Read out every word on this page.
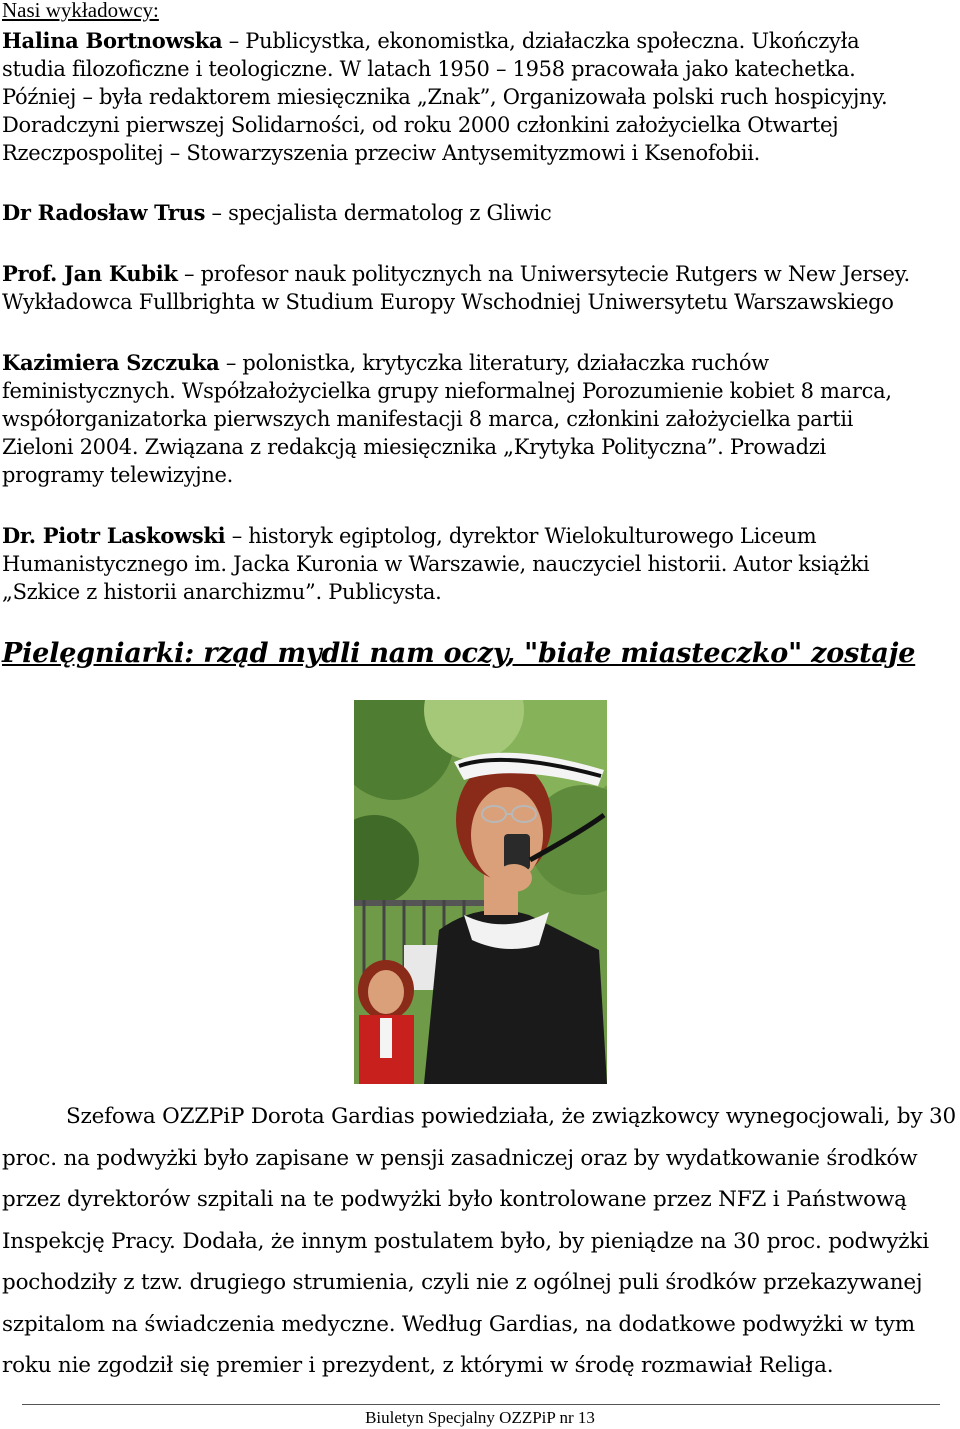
Nasi wykładowcy:
Halina Bortnowska – Publicystka, ekonomistka, działaczka społeczna. Ukończyła
studia filozoficzne i teologiczne. W latach 1950 – 1958 pracowała jako katechetka.
Później – była redaktorem miesięcznika „Znak”, Organizowała polski ruch hospicyjny.
Doradczyni pierwszej Solidarności, od roku 2000 członkini założycielka Otwartej
Rzeczpospolitej – Stowarzyszenia przeciw Antysemityzmowi i Ksenofobii.
Dr Radosław Trus – specjalista dermatolog z Gliwic
Prof. Jan Kubik – profesor nauk politycznych na Uniwersytecie Rutgers w New Jersey.
Wykładowca Fullbrighta w Studium Europy Wschodniej Uniwersytetu Warszawskiego
Kazimiera Szczuka – polonistka, krytyczka literatury, działaczka ruchów
feministycznych. Współzałożycielka grupy nieformalnej Porozumienie kobiet 8 marca,
współorganizatorka pierwszych manifestacji 8 marca, członkini założycielka partii
Zieloni 2004. Związana z redakcją miesięcznika „Krytyka Polityczna”. Prowadzi
programy telewizyjne.
Dr. Piotr Laskowski – historyk egiptolog, dyrektor Wielokulturowego Liceum
Humanistycznego im. Jacka Kuronia w Warszawie, nauczyciel historii. Autor książki
„Szkice z historii anarchizmu”. Publicysta.
Pielęgniarki: rząd mydli nam oczy, "białe miasteczko" zostaje
Szefowa OZZPiP Dorota Gardias powiedziała, że związkowcy wynegocjowali, by 30
proc. na podwyżki było zapisane w pensji zasadniczej oraz by wydatkowanie środków
przez dyrektorów szpitali na te podwyżki było kontrolowane przez NFZ i Państwową
Inspekcję Pracy. Dodała, że innym postulatem było, by pieniądze na 30 proc. podwyżki
pochodziły z tzw. drugiego strumienia, czyli nie z ogólnej puli środków przekazywanej
szpitalom na świadczenia medyczne. Według Gardias, na dodatkowe podwyżki w tym
roku nie zgodził się premier i prezydent, z którymi w środę rozmawiał Religa.
Biuletyn Specjalny OZZPiP nr 13
